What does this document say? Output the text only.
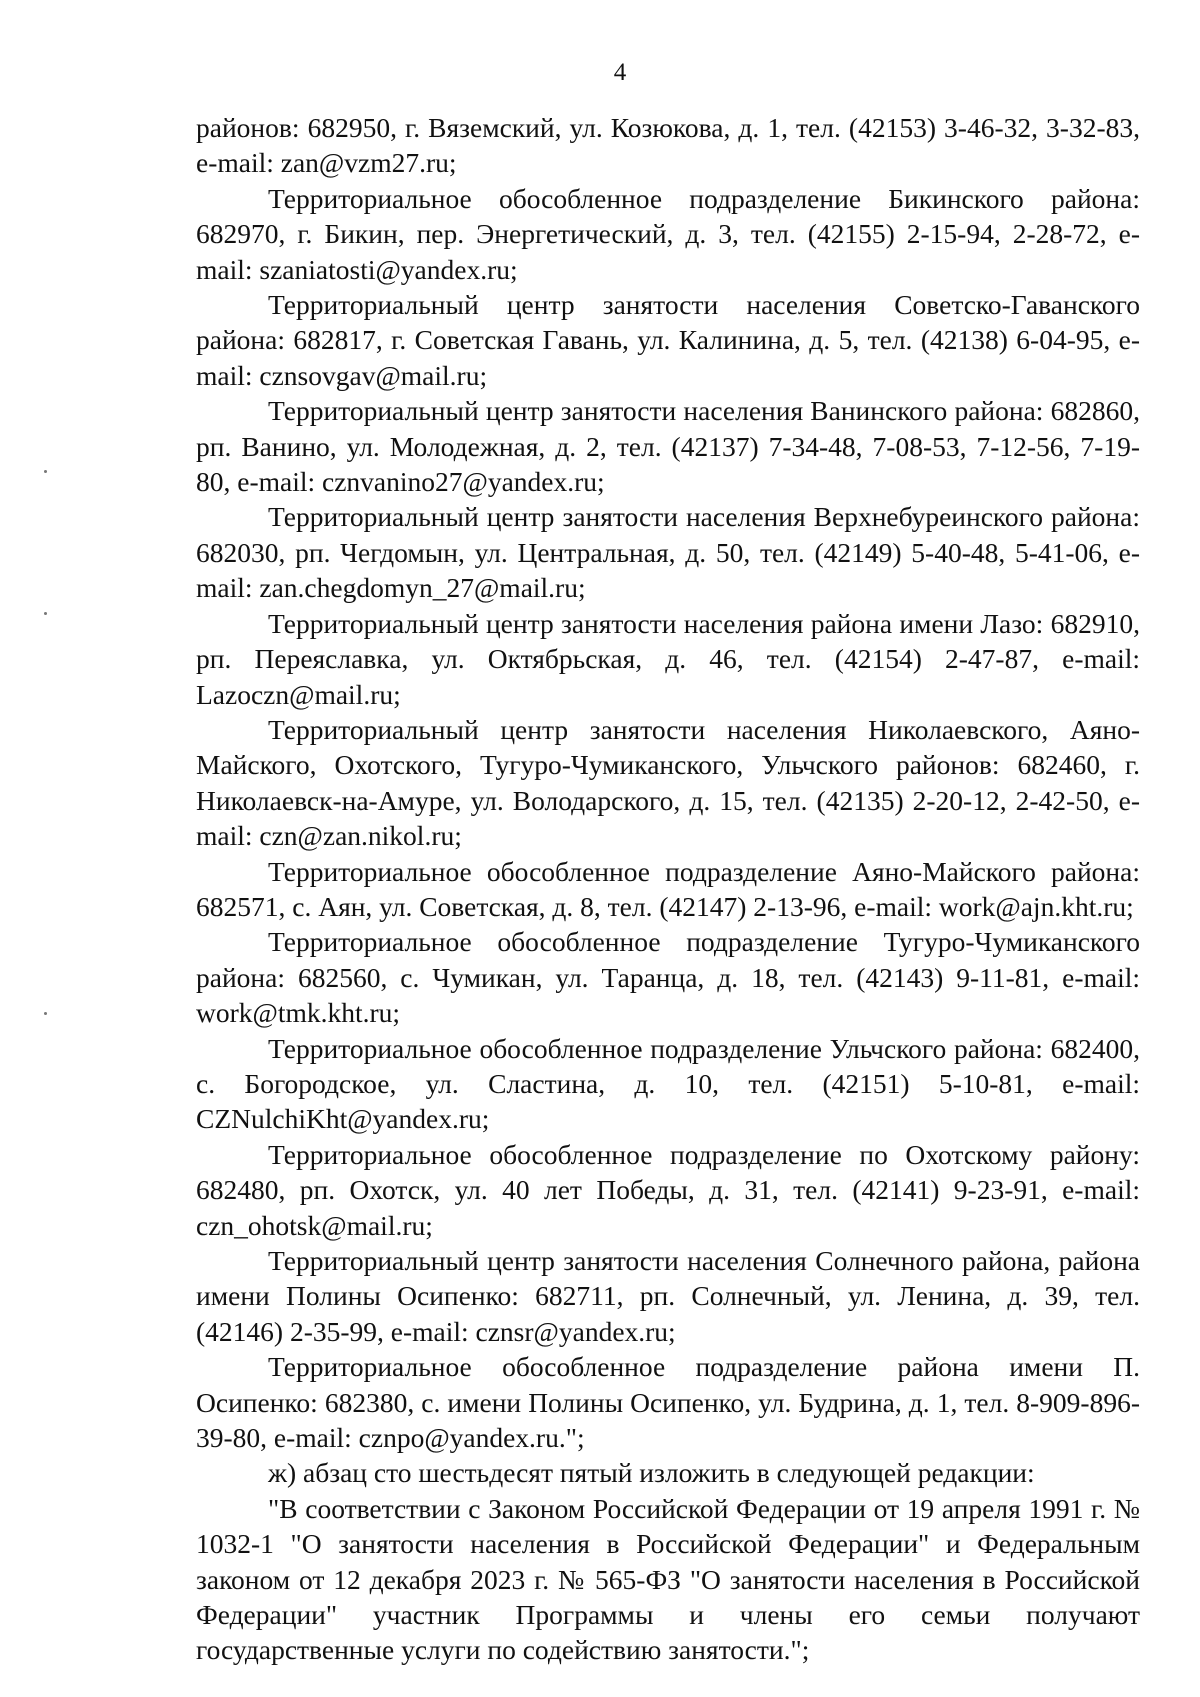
4

районов: 682950, г. Вяземский, ул. Козюкова, д. 1, тел. (42153) 3-46-32, 3-32-83, e-mail: zan@vzm27.ru;

Территориальное обособленное подразделение Бикинского района: 682970, г. Бикин, пер. Энергетический, д. 3, тел. (42155) 2-15-94, 2-28-72, e-mail: szaniatosti@yandex.ru;

Территориальный центр занятости населения Советско-Гаванского района: 682817, г. Советская Гавань, ул. Калинина, д. 5, тел. (42138) 6-04-95, e-mail: cznsovgav@mail.ru;

Территориальный центр занятости населения Ванинского района: 682860, рп. Ванино, ул. Молодежная, д. 2, тел. (42137) 7-34-48, 7-08-53, 7-12-56, 7-19-80, e-mail: cznvanino27@yandex.ru;

Территориальный центр занятости населения Верхнебуреинского района: 682030, рп. Чегдомын, ул. Центральная, д. 50, тел. (42149) 5-40-48, 5-41-06, e-mail: zan.chegdomyn_27@mail.ru;

Территориальный центр занятости населения района имени Лазо: 682910, рп. Переяславка, ул. Октябрьская, д. 46, тел. (42154) 2-47-87, e-mail: Lazoczn@mail.ru;

Территориальный центр занятости населения Николаевского, Аяно-Майского, Охотского, Тугуро-Чумиканского, Ульчского районов: 682460, г. Николаевск-на-Амуре, ул. Володарского, д. 15, тел. (42135) 2-20-12, 2-42-50, e-mail: czn@zan.nikol.ru;

Территориальное обособленное подразделение Аяно-Майского района: 682571, с. Аян, ул. Советская, д. 8, тел. (42147) 2-13-96, e-mail: work@ajn.kht.ru;

Территориальное обособленное подразделение Тугуро-Чумиканского района: 682560, с. Чумикан, ул. Таранца, д. 18, тел. (42143) 9-11-81, e-mail: work@tmk.kht.ru;

Территориальное обособленное подразделение Ульчского района: 682400, с. Богородское, ул. Сластина, д. 10, тел. (42151) 5-10-81, e-mail: CZNulchiKht@yandex.ru;

Территориальное обособленное подразделение по Охотскому району: 682480, рп. Охотск, ул. 40 лет Победы, д. 31, тел. (42141) 9-23-91, e-mail: czn_ohotsk@mail.ru;

Территориальный центр занятости населения Солнечного района, района имени Полины Осипенко: 682711, рп. Солнечный, ул. Ленина, д. 39, тел. (42146) 2-35-99, e-mail: cznsr@yandex.ru;

Территориальное обособленное подразделение района имени П. Осипенко: 682380, с. имени Полины Осипенко, ул. Будрина, д. 1, тел. 8-909-896-39-80, e-mail: cznpo@yandex.ru.";

ж) абзац сто шестьдесят пятый изложить в следующей редакции:

"В соответствии с Законом Российской Федерации от 19 апреля 1991 г. № 1032-1 "О занятости населения в Российской Федерации" и Федеральным законом от 12 декабря 2023 г. № 565-ФЗ "О занятости населения в Российской Федерации" участник Программы и члены его семьи получают государственные услуги по содействию занятости.";
